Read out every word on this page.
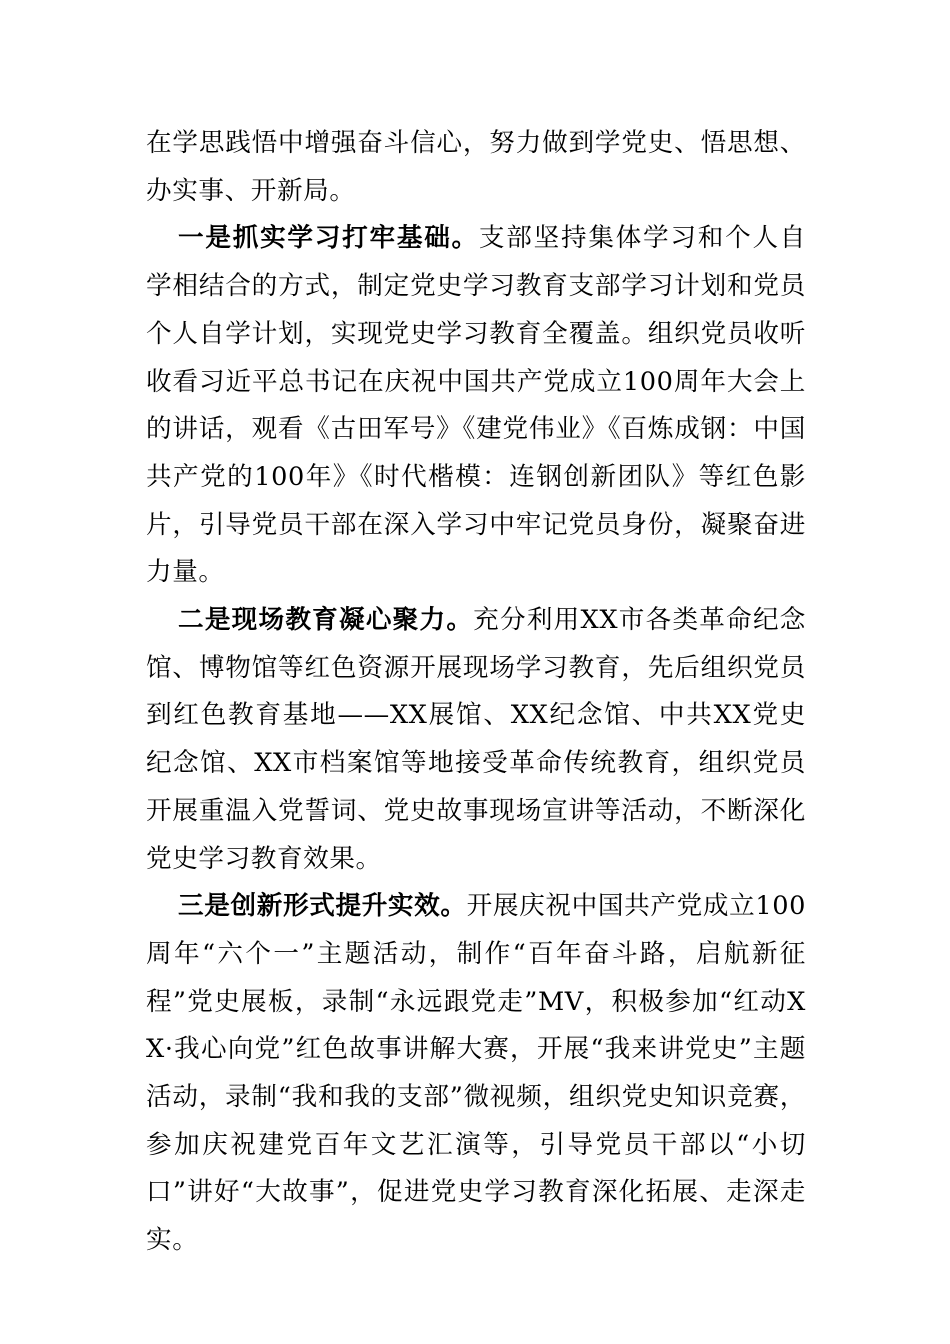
在学思践悟中增强奋斗信心，努力做到学党史、悟思想、办实事、开新局。

一是抓实学习打牢基础。支部坚持集体学习和个人自学相结合的方式，制定党史学习教育支部学习计划和党员个人自学计划，实现党史学习教育全覆盖。组织党员收听收看习近平总书记在庆祝中国共产党成立100周年大会上的讲话，观看《古田军号》《建党伟业》《百炼成钢：中国共产党的100年》《时代楷模：连钢创新团队》等红色影片，引导党员干部在深入学习中牢记党员身份，凝聚奋进力量。

二是现场教育凝心聚力。充分利用XX市各类革命纪念馆、博物馆等红色资源开展现场学习教育，先后组织党员到红色教育基地——XX展馆、XX纪念馆、中共XX党史纪念馆、XX市档案馆等地接受革命传统教育，组织党员开展重温入党誓词、党史故事现场宣讲等活动，不断深化党史学习教育效果。

三是创新形式提升实效。开展庆祝中国共产党成立100周年“六个一”主题活动，制作“百年奋斗路，启航新征程”党史展板，录制“永远跟党走”MV，积极参加“红动XX·我心向党”红色故事讲解大赛，开展“我来讲党史”主题活动，录制“我和我的支部”微视频，组织党史知识竞赛，参加庆祝建党百年文艺汇演等，引导党员干部以“小切口”讲好“大故事”，促进党史学习教育深化拓展、走深走实。
